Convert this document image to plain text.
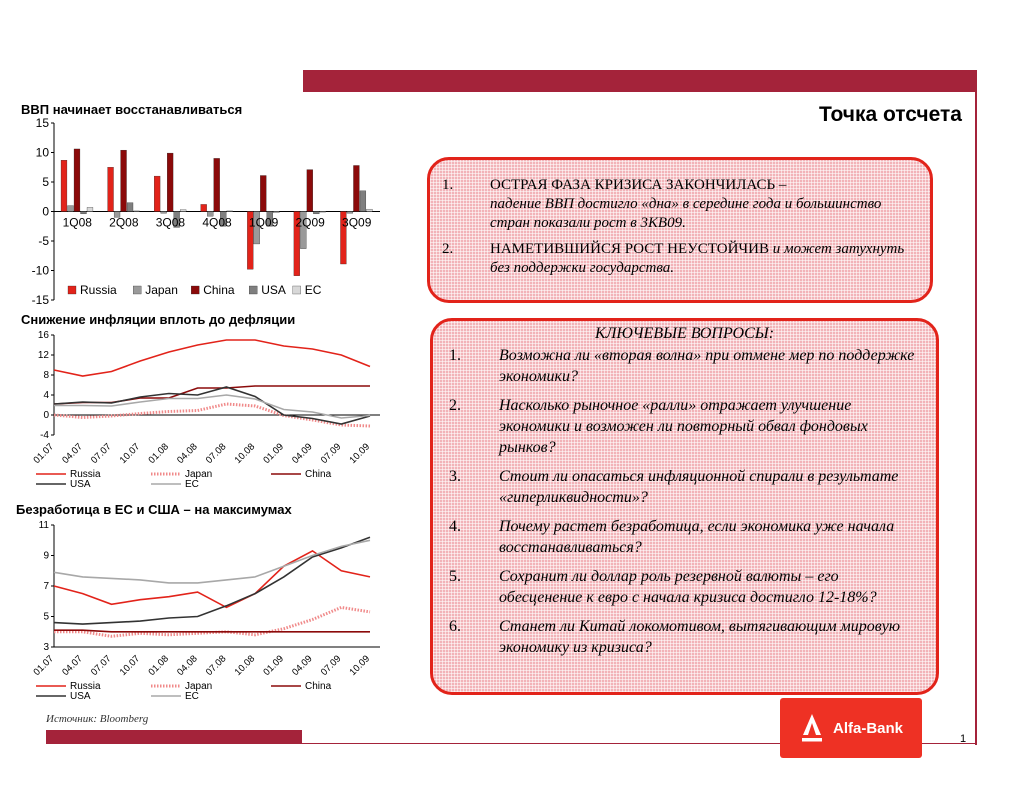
Точка отсчета
ВВП начинает восстанавливаться
15
10
5
0
-5
-10
-15
1Q08 2Q08 3Q08 4Q08 1Q09 2Q09 3Q09
Russia Japan China USA EC
Снижение инфляции вплоть до дефляции
16
12
8
4
0
-4
01.07 04.07 07.07 10.07 01.08 04.08 07.08 10.08 01.09 04.09 07.09 10.09
Russia	Japan	China
USA	EC
Безработица в ЕС и США – на максимумах
11
9
7
5
3
01.07 04.07 07.07 10.07 01.08 04.08 07.08 10.08 01.09 04.09 07.09 10.09
Russia	Japan	China
USA	EC
Источник: Bloomberg
1.	ОСТРАЯ ФАЗА КРИЗИСА ЗАКОНЧИЛАСЬ –
падение ВВП достигло «дна» в середине года и большинство стран показали рост в 3КВ09.
2.	НАМЕТИВШИЙСЯ РОСТ НЕУСТОЙЧИВ и может затухнуть без поддержки государства.
КЛЮЧЕВЫЕ ВОПРОСЫ:
1.	Возможна ли «вторая волна» при отмене мер по поддержке экономики?
2.	Насколько рыночное «ралли» отражает улучшение экономики и возможен ли повторный обвал фондовых рынков?
3.	Стоит ли опасаться инфляционной спирали в результате «гиперликвидности»?
4.	Почему растет безработица, если экономика уже начала восстанавливаться?
5.	Сохранит ли доллар роль резервной валюты – его обесценение к евро с начала кризиса достигло 12-18%?
6.	Станет ли Китай локомотивом, вытягивающим мировую экономику из кризиса?
Alfa-Bank
1
